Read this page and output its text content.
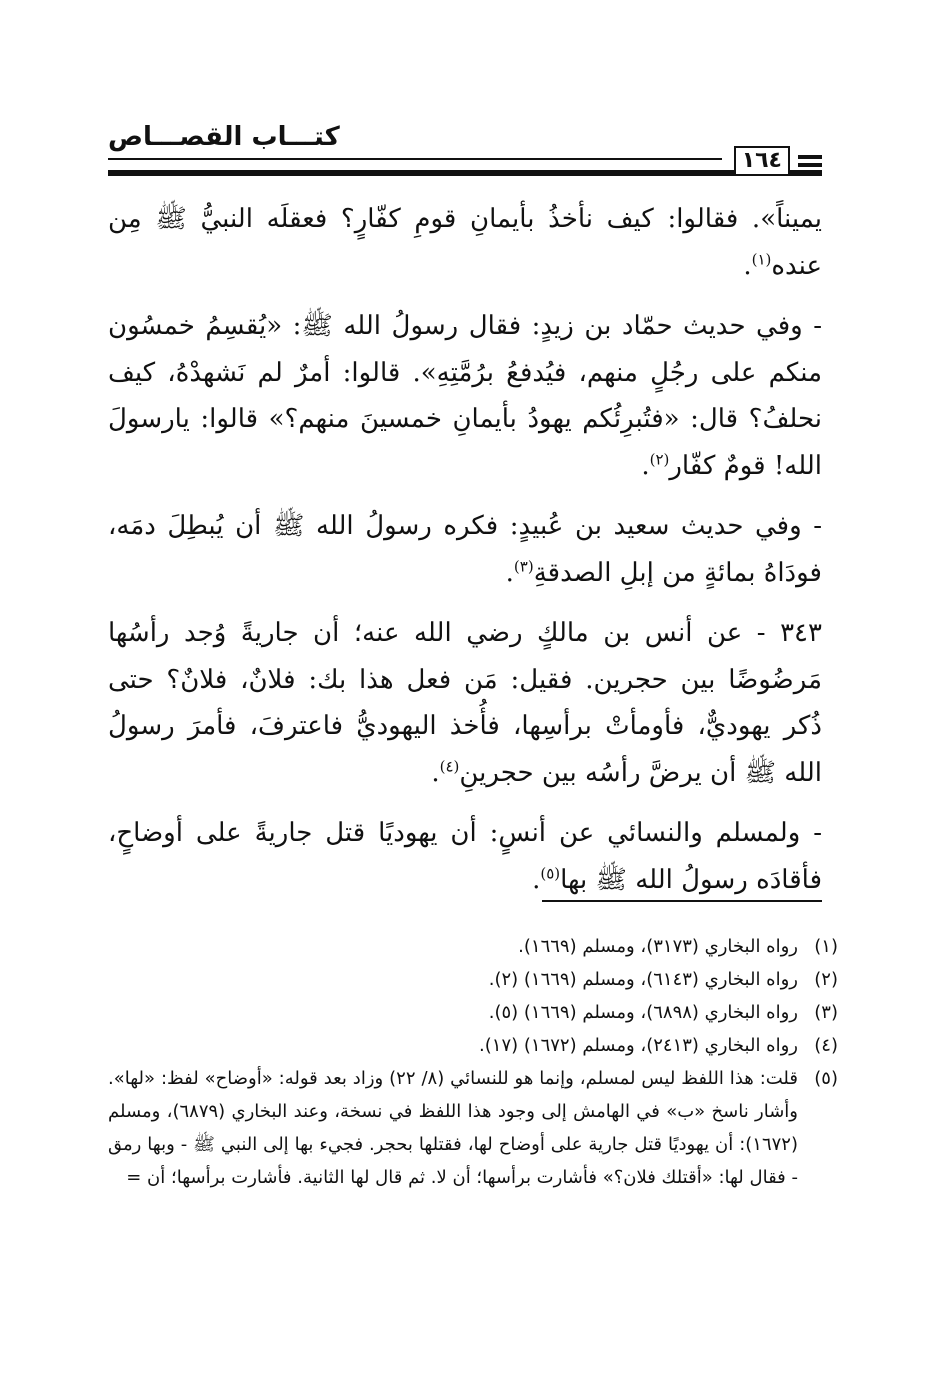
كتـــاب القصـــاص
١٦٤

يميناً». فقالوا: كيف نأخذُ بأيمانِ قومِ كفّارٍ؟ فعقلَه النبيُّ ﷺ مِن عنده$^{(١)}$.

- وفي حديث حمّاد بن زيدٍ: فقال رسولُ الله ﷺ: «يُقسِمُ خمسُون منكم على رجُلٍ منهم، فيُدفعُ برُمَّتِهِ». قالوا: أمرٌ لم نَشهدْهُ، كيف نحلفُ؟ قال: «فتُبرِئُكم يهودُ بأيمانِ خمسينَ منهم؟» قالوا: يارسولَ الله! قومٌ كفّار$^{(٢)}$.

- وفي حديث سعيد بن عُبيدٍ: فكره رسولُ الله ﷺ أن يُبطِلَ دمَه، فودَاهُ بمائةٍ من إبلِ الصدقةِ$^{(٣)}$.

٣٤٣ - عن أنس بن مالكٍ رضي الله عنه؛ أن جاريةً وُجد رأسُها مَرضُوضًا بين حجرين. فقيل: مَن فعل هذا بك: فلانٌ، فلانٌ؟ حتى ذُكر يهوديٌّ، فأومأتْ برأسِها، فأُخذ اليهوديُّ فاعترفَ، فأمرَ رسولُ الله ﷺ أن يرضَّ رأسُه بين حجرينِ$^{(٤)}$.

- ولمسلم والنسائي عن أنسٍ: أن يهوديًا قتل جاريةً على أوضاحٍ، فأقادَه رسولُ الله ﷺ بها$^{(٥)}$.

(١)
رواه البخاري (٣١٧٣)، ومسلم (١٦٦٩).
(٢)
رواه البخاري (٦١٤٣)، ومسلم (١٦٦٩) (٢).
(٣)
رواه البخاري (٦٨٩٨)، ومسلم (١٦٦٩) (٥).
(٤)
رواه البخاري (٢٤١٣)، ومسلم (١٦٧٢) (١٧).
(٥)
قلت: هذا اللفظ ليس لمسلم، وإنما هو للنسائي (٨/ ٢٢) وزاد بعد قوله: «أوضاح» لفظ: «لها». وأشار ناسخ «ب» في الهامش إلى وجود هذا اللفظ في نسخة، وعند البخاري (٦٨٧٩)، ومسلم (١٦٧٢): أن يهوديًا قتل جارية على أوضاح لها، فقتلها بحجر. فجيء بها إلى النبي ﷺ - وبها رمق - فقال لها: «أقتلك فلان؟» فأشارت برأسها؛ أن لا. ثم قال لها الثانية. فأشارت برأسها؛ أن =
